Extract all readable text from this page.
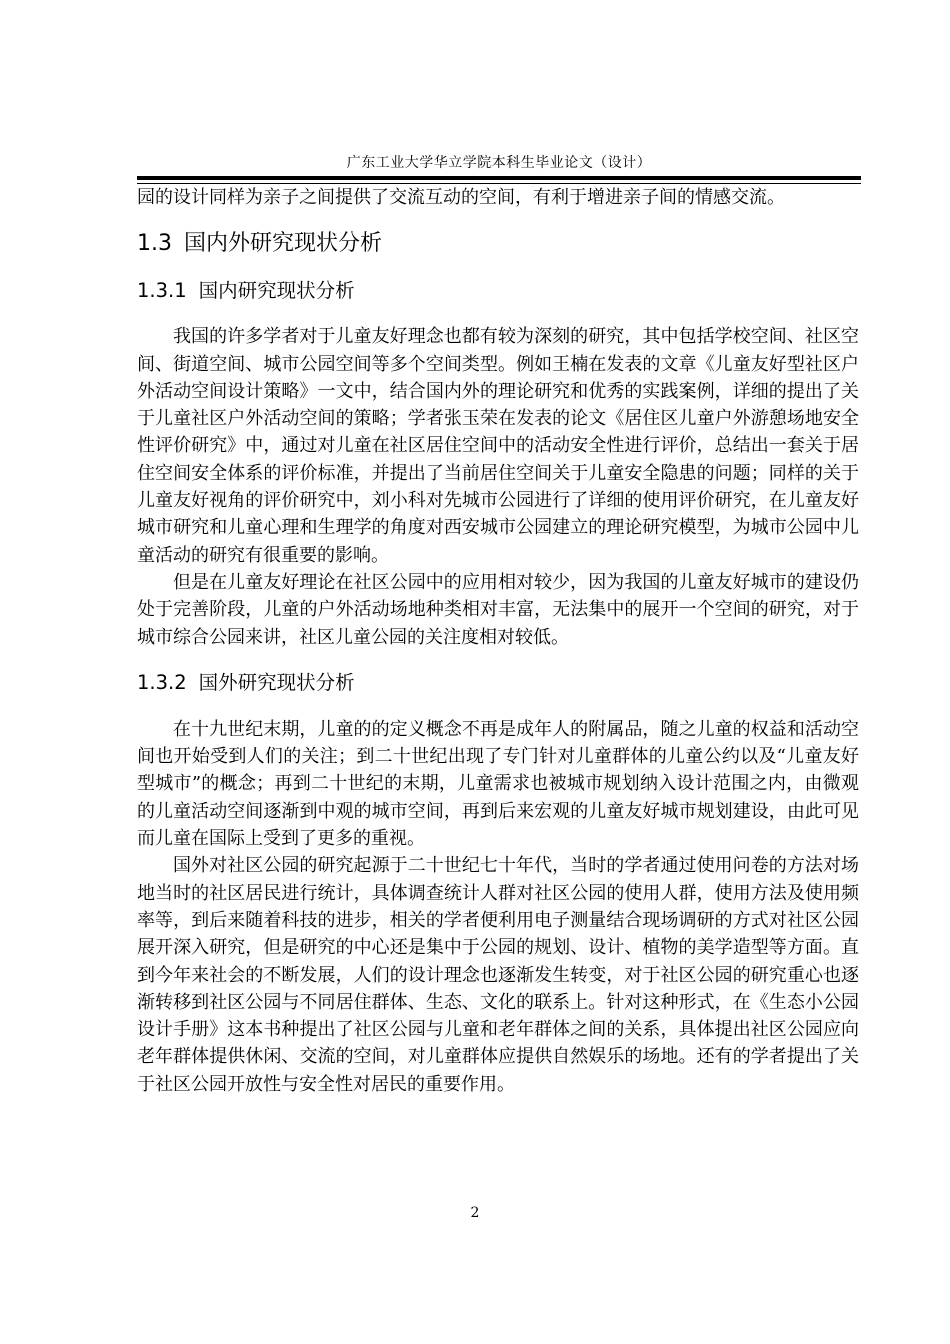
广东工业大学华立学院本科生毕业论文（设计）

园的设计同样为亲子之间提供了交流互动的空间，有利于增进亲子间的情感交流。

1.3 国内外研究现状分析
1.3.1 国内研究现状分析

我国的许多学者对于儿童友好理念也都有较为深刻的研究，其中包括学校空间、社区空间、街道空间、城市公园空间等多个空间类型。例如王楠在发表的文章《儿童友好型社区户外活动空间设计策略》一文中，结合国内外的理论研究和优秀的实践案例，详细的提出了关于儿童社区户外活动空间的策略；学者张玉荣在发表的论文《居住区儿童户外游憩场地安全性评价研究》中，通过对儿童在社区居住空间中的活动安全性进行评价，总结出一套关于居住空间安全体系的评价标准，并提出了当前居住空间关于儿童安全隐患的问题；同样的关于儿童友好视角的评价研究中，刘小科对先城市公园进行了详细的使用评价研究，在儿童友好城市研究和儿童心理和生理学的角度对西安城市公园建立的理论研究模型，为城市公园中儿童活动的研究有很重要的影响。

但是在儿童友好理论在社区公园中的应用相对较少，因为我国的儿童友好城市的建设仍处于完善阶段，儿童的户外活动场地种类相对丰富，无法集中的展开一个空间的研究，对于城市综合公园来讲，社区儿童公园的关注度相对较低。

1.3.2 国外研究现状分析

在十九世纪末期，儿童的的定义概念不再是成年人的附属品，随之儿童的权益和活动空间也开始受到人们的关注；到二十世纪出现了专门针对儿童群体的儿童公约以及“儿童友好型城市”的概念；再到二十世纪的末期，儿童需求也被城市规划纳入设计范围之内，由微观的儿童活动空间逐渐到中观的城市空间，再到后来宏观的儿童友好城市规划建设，由此可见而儿童在国际上受到了更多的重视。

国外对社区公园的研究起源于二十世纪七十年代，当时的学者通过使用问卷的方法对场地当时的社区居民进行统计，具体调查统计人群对社区公园的使用人群，使用方法及使用频率等，到后来随着科技的进步，相关的学者便利用电子测量结合现场调研的方式对社区公园展开深入研究，但是研究的中心还是集中于公园的规划、设计、植物的美学造型等方面。直到今年来社会的不断发展，人们的设计理念也逐渐发生转变，对于社区公园的研究重心也逐渐转移到社区公园与不同居住群体、生态、文化的联系上。针对这种形式，在《生态小公园设计手册》这本书种提出了社区公园与儿童和老年群体之间的关系，具体提出社区公园应向老年群体提供休闲、交流的空间，对儿童群体应提供自然娱乐的场地。还有的学者提出了关于社区公园开放性与安全性对居民的重要作用。

2
